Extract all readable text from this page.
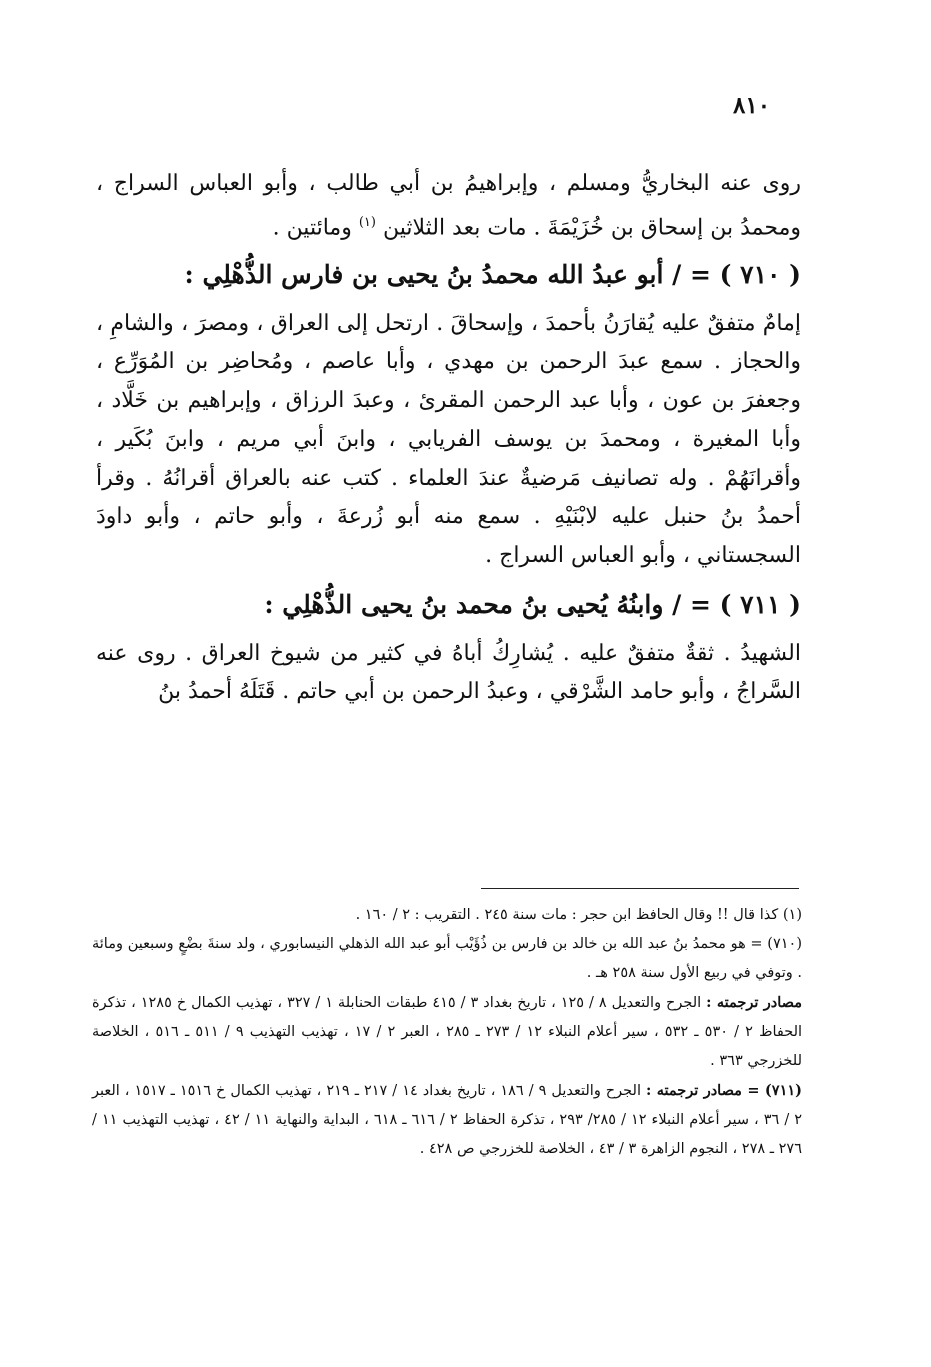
٨١٠

روى عنه البخاريُّ ومسلم ، وإبراهيمُ بن أبي طالب ، وأبو العباس السراج ، ومحمدُ بن إسحاق بن خُزَيْمَةَ . مات بعد الثلاثين $^{(١)}$ ومائتين .

( ٧١٠ ) = / أبو عبدُ الله محمدُ بنُ يحيى بن فارس الذُّهْلِي :

إمامٌ متفقٌ عليه يُقارَنُ بأحمدَ ، وإسحاقَ . ارتحل إلى العراق ، ومصرَ ، والشامِ ، والحجاز . سمع عبدَ الرحمن بن مهدي ، وأبا عاصم ، ومُحاضِر بن المُوَرِّع ، وجعفرَ بن عون ، وأبا عبد الرحمن المقرئ ، وعبدَ الرزاق ، وإبراهيم بن خَلَّاد ، وأبا المغيرة ، ومحمدَ بن يوسف الفريابي ، وابنَ أبي مريم ، وابنَ بُكَير ، وأقرانَهُمْ . وله تصانيف مَرضيةٌ عندَ العلماء . كتب عنه بالعراق أقرانُهُ . وقرأ أحمدُ بنُ حنبل عليه لابْنَيْهِ . سمع منه أبو زُرعةَ ، وأبو حاتم ، وأبو داودَ السجستاني ، وأبو العباس السراج .

( ٧١١ ) = / وابنُهُ يُحيى بنُ محمد بنُ يحيى الذُّهْلِي :

الشهيدُ . ثقةٌ متفقٌ عليه . يُشارِكُ أباهُ في كثير من شيوخ العراق . روى عنه السَّراجُ ، وأبو حامد الشَّرْقي ، وعبدُ الرحمن بن أبي حاتم . قَتَلَهُ أحمدُ بنُ

(١) كذا قال !! وقال الحافظ ابن حجر : مات سنة ٢٤٥ . التقريب : ٢ / ١٦٠ .

(٧١٠) = هو محمدُ بنُ عبد الله بن خالد بن فارس بن ذُؤَيْب أبو عبد الله الذهلي النيسابوري ، ولد سنةَ بضْعٍ وسبعين ومائة . وتوفي في ربيع الأول سنة ٢٥٨ هـ .

مصادر ترجمته : الجرح والتعديل ٨ / ١٢٥ ، تاريخ بغداد ٣ / ٤١٥ طبقات الحنابلة ١ / ٣٢٧ ، تهذيب الكمال خ ١٢٨٥ ، تذكرة الحفاظ ٢ / ٥٣٠ ـ ٥٣٢ ، سير أعلام النبلاء ١٢ / ٢٧٣ ـ ٢٨٥ ، العبر ٢ / ١٧ ، تهذيب التهذيب ٩ / ٥١١ ـ ٥١٦ ، الخلاصة للخزرجي ٣٦٣ .

(٧١١) = مصادر ترجمته : الجرح والتعديل ٩ / ١٨٦ ، تاريخ بغداد ١٤ / ٢١٧ ـ ٢١٩ ، تهذيب الكمال خ ١٥١٦ ـ ١٥١٧ ، العبر ٢ / ٣٦ ، سير أعلام النبلاء ١٢ / ٢٨٥/ ٢٩٣ ، تذكرة الحفاظ ٢ / ٦١٦ ـ ٦١٨ ، البداية والنهاية ١١ / ٤٢ ، تهذيب التهذيب ١١ / ٢٧٦ ـ ٢٧٨ ، النجوم الزاهرة ٣ / ٤٣ ، الخلاصة للخزرجي ص ٤٢٨ .
